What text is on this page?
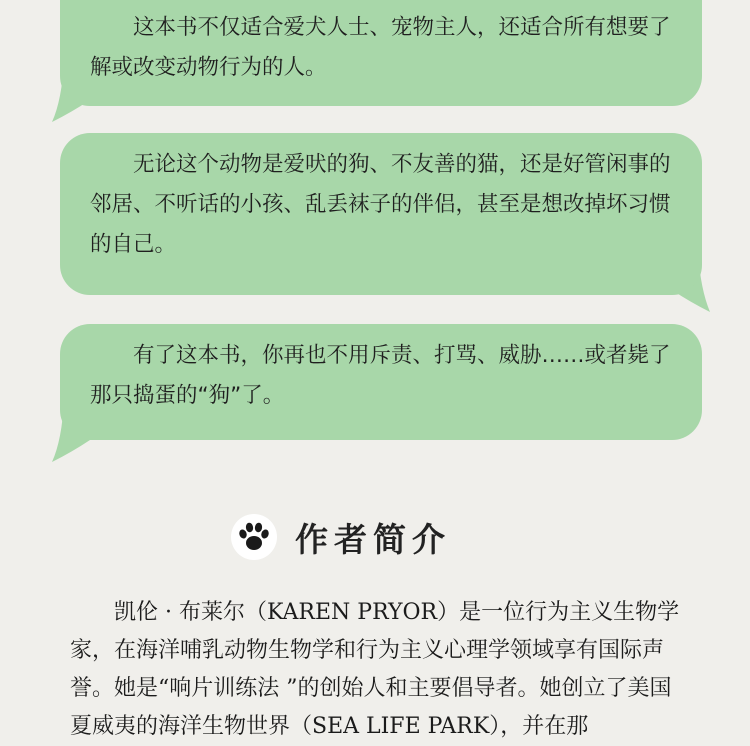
这本书不仅适合爱犬人士、宠物主人，还适合所有想要了解或改变动物行为的人。

无论这个动物是爱吠的狗、不友善的猫，还是好管闲事的邻居、不听话的小孩、乱丢袜子的伴侣，甚至是想改掉坏习惯的自己。

有了这本书，你再也不用斥责、打骂、威胁……或者毙了那只捣蛋的“狗”了。

作者简介

凯伦 · 布莱尔（KAREN PRYOR）是一位行为主义生物学家，在海洋哺乳动物生物学和行为主义心理学领域享有国际声誉。她是“响片训练法 ”的创始人和主要倡导者。她创立了美国夏威夷的海洋生物世界（SEA LIFE PARK），并在那
